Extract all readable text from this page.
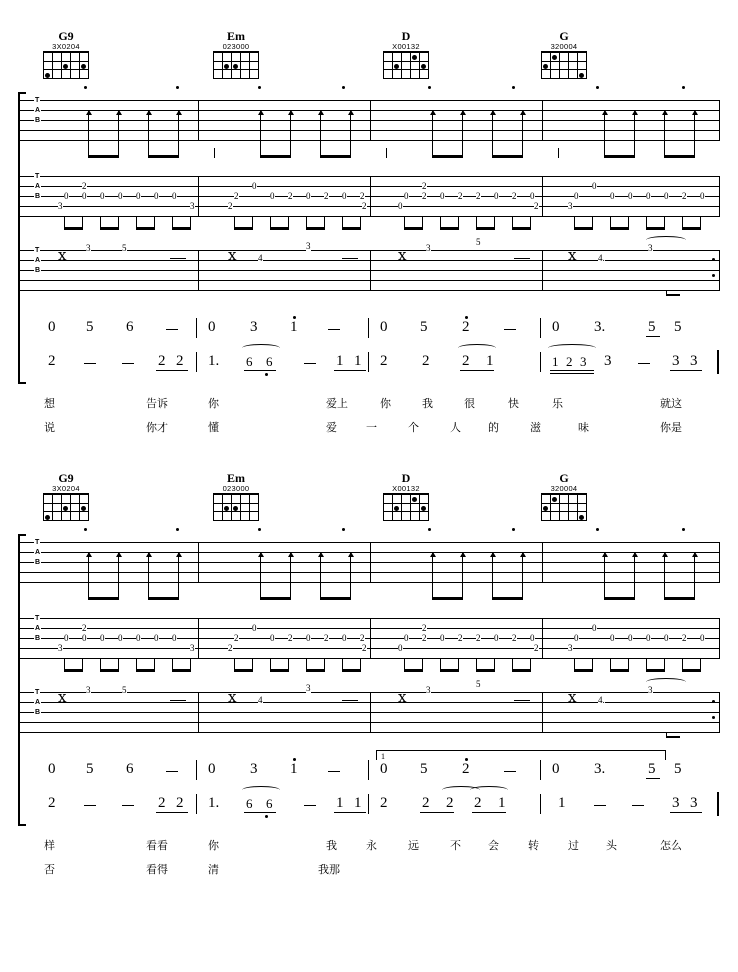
G9
3X0204
Em
023000
D
X00132
G
320004
T
A
B
T
A
B
2
0 0 0 0 0 0 0
3	3
0
2	0 2 0 2 0 2
2	2
2
0 2 0 2 2 0 2 0
0	2
0
0	0 0 0 0 2 0
3
T
A
B
x 3	5	x 4
3	x 3
5
x 4.
3
0 5 6	0 3 1	0 5 2	0 3.	5 5
2	2 2 1. 6 6	1 1 2 2 2 1	1 2 3 3	3 3
想	告诉	你	爱上	你	我	很	快	乐	就这
说	你才	懂	爱	一	个	人 的	滋	味	你是
G9
3X0204
Em
023000
D
X00132
G
320004
T
A
B
T
A
B
2
0 0 0 0 0 0 0
3	3
0
2	0 2 0 2 0 2
2	2
2
0 2 0 2 2 0 2 0
0	2
0
0	0 0 0 0 2 0
3
T
A
B
x 3	5	x 4
3	x 3
5
x 4.
3
1
0 5 6	0 3 1	0 5 2	0 3.	5 5
2	2 2 1. 6 6	1 1 2 2 2 2 1	1	3 3
样	看看	你	我	永	远	不 会	转	过 头	怎么
否	看得	清	我那
